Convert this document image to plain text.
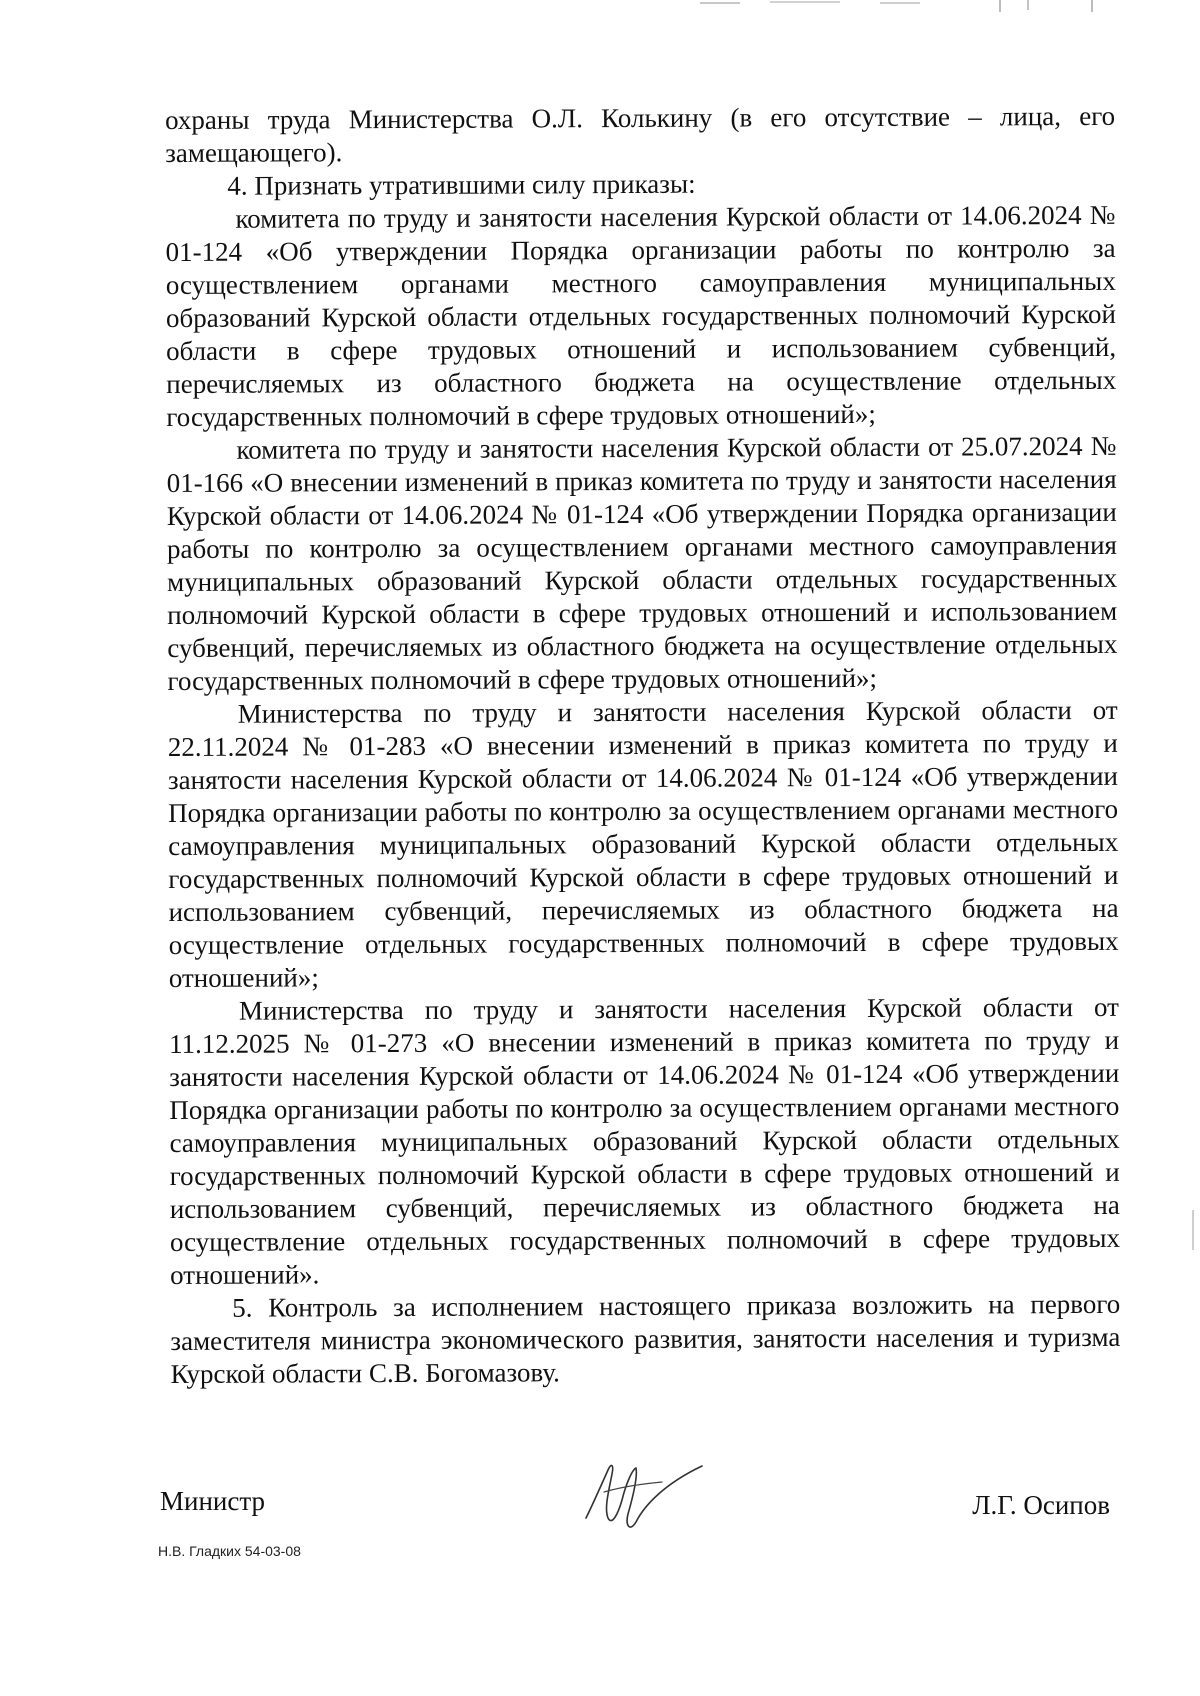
охраны труда Министерства О.Л. Колькину (в его отсутствие – лица, его замещающего).

4. Признать утратившими силу приказы:

комитета по труду и занятости населения Курской области от 14.06.2024 № 01-124 «Об утверждении Порядка организации работы по контролю за осуществлением органами местного самоуправления муниципальных образований Курской области отдельных государственных полномочий Курской области в сфере трудовых отношений и использованием субвенций, перечисляемых из областного бюджета на осуществление отдельных государственных полномочий в сфере трудовых отношений»;

комитета по труду и занятости населения Курской области от 25.07.2024 № 01-166 «О внесении изменений в приказ комитета по труду и занятости населения Курской области от 14.06.2024 № 01-124 «Об утверждении Порядка организации работы по контролю за осуществлением органами местного самоуправления муниципальных образований Курской области отдельных государственных полномочий Курской области в сфере трудовых отношений и использованием субвенций, перечисляемых из областного бюджета на осуществление отдельных государственных полномочий в сфере трудовых отношений»;

Министерства по труду и занятости населения Курской области от 22.11.2024 № 01-283 «О внесении изменений в приказ комитета по труду и занятости населения Курской области от 14.06.2024 № 01-124 «Об утверждении Порядка организации работы по контролю за осуществлением органами местного самоуправления муниципальных образований Курской области отдельных государственных полномочий Курской области в сфере трудовых отношений и использованием субвенций, перечисляемых из областного бюджета на осуществление отдельных государственных полномочий в сфере трудовых отношений»;

Министерства по труду и занятости населения Курской области от 11.12.2025 № 01-273 «О внесении изменений в приказ комитета по труду и занятости населения Курской области от 14.06.2024 № 01-124 «Об утверждении Порядка организации работы по контролю за осуществлением органами местного самоуправления муниципальных образований Курской области отдельных государственных полномочий Курской области в сфере трудовых отношений и использованием субвенций, перечисляемых из областного бюджета на осуществление отдельных государственных полномочий в сфере трудовых отношений».

5. Контроль за исполнением настоящего приказа возложить на первого заместителя министра экономического развития, занятости населения и туризма Курской области С.В. Богомазову.

Министр	Л.Г. Осипов
Н.В. Гладких 54-03-08
